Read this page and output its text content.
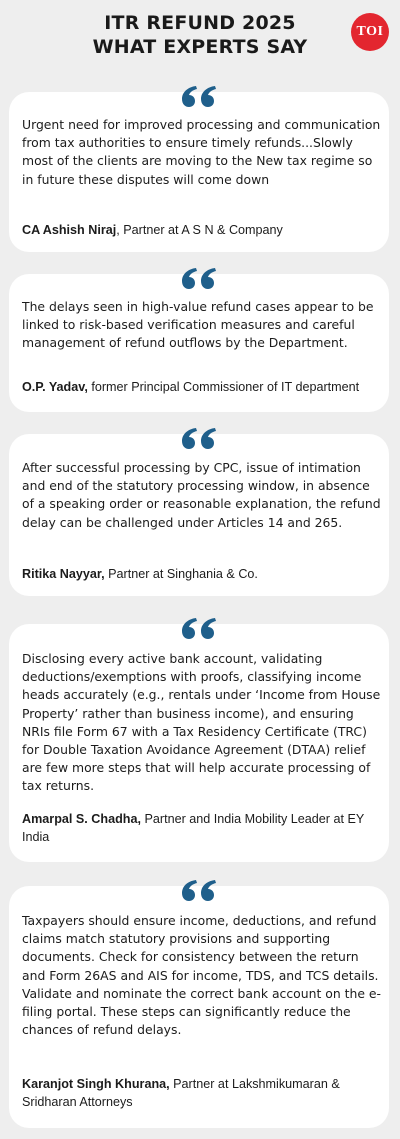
ITR REFUND 2025
WHAT EXPERTS SAY
TOI
Urgent need for improved processing and communication from tax authorities to ensure timely refunds...Slowly most of the clients are moving to the New tax regime so in future these disputes will come down
CA Ashish Niraj, Partner at A S N & Company
The delays seen in high-value refund cases appear to be linked to risk-based verification measures and careful management of refund outflows by the Department.
O.P. Yadav, former Principal Commissioner of IT department
After successful processing by CPC, issue of intimation and end of the statutory processing window, in absence of a speaking order or reasonable explanation, the refund delay can be challenged under Articles 14 and 265.
Ritika Nayyar, Partner at Singhania & Co.
Disclosing every active bank account, validating deductions/exemptions with proofs, classifying income heads accurately (e.g., rentals under ‘Income from House Property’ rather than business income), and ensuring NRIs file Form 67 with a Tax Residency Certificate (TRC) for Double Taxation Avoidance Agreement (DTAA) relief are few more steps that will help accurate processing of tax returns.
Amarpal S. Chadha, Partner and India Mobility Leader at EY India
Taxpayers should ensure income, deductions, and refund claims match statutory provisions and supporting documents. Check for consistency between the return and Form 26AS and AIS for income, TDS, and TCS details. Validate and nominate the correct bank account on the e-filing portal. These steps can significantly reduce the chances of refund delays.
Karanjot Singh Khurana, Partner at Lakshmikumaran & Sridharan Attorneys
